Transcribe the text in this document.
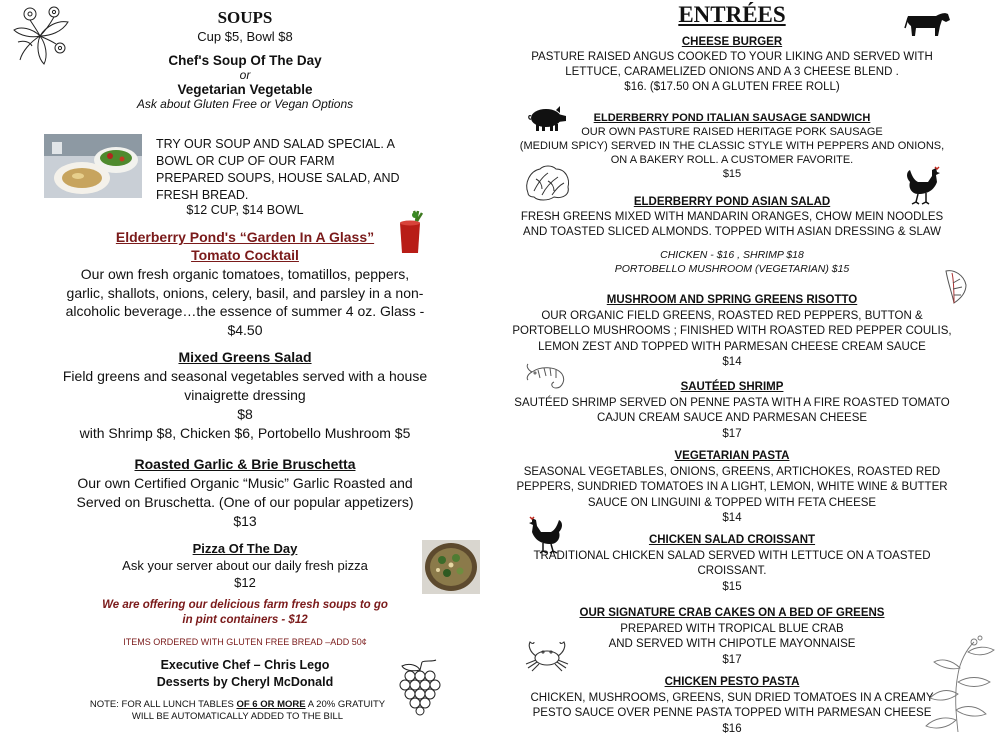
SOUPS
Cup $5, Bowl $8
Chef's Soup Of The Day
or
Vegetarian Vegetable
Ask about Gluten Free or Vegan Options
TRY OUR SOUP AND SALAD SPECIAL. A
BOWL OR CUP OF OUR FARM
PREPARED SOUPS, HOUSE SALAD, AND
FRESH BREAD.
$12 CUP, $14 BOWL
Elderberry Pond's “Garden In A Glass”
Tomato Cocktail
Our own fresh organic tomatoes, tomatillos, peppers,
garlic, shallots, onions, celery, basil, and parsley in a non-
alcoholic beverage…the essence of summer 4 oz. Glass -
$4.50
Mixed Greens Salad
Field greens and seasonal vegetables served with a house
vinaigrette dressing
$8
with Shrimp $8, Chicken $6, Portobello Mushroom $5
Roasted Garlic & Brie Bruschetta
Our own Certified Organic “Music” Garlic Roasted and
Served on Bruschetta. (One of our popular appetizers)
$13
Pizza Of The Day
Ask your server about our daily fresh pizza
$12
We are offering our delicious farm fresh soups to go
in pint containers - $12
ITEMS ORDERED WITH GLUTEN FREE BREAD –ADD 50¢
Executive Chef – Chris Lego
Desserts by Cheryl McDonald
NOTE: FOR ALL LUNCH TABLES OF 6 OR MORE A 20% GRATUITY
WILL BE AUTOMATICALLY ADDED TO THE BILL
ENTRÉES
CHEESE BURGER
PASTURE RAISED ANGUS COOKED TO YOUR LIKING AND SERVED WITH
LETTUCE, CARAMELIZED ONIONS AND A 3 CHEESE BLEND .
$16. ($17.50 ON A GLUTEN FREE ROLL)
ELDERBERRY POND ITALIAN SAUSAGE SANDWICH
OUR OWN PASTURE RAISED HERITAGE PORK SAUSAGE
(MEDIUM SPICY) SERVED IN THE CLASSIC STYLE WITH PEPPERS AND ONIONS,
ON A BAKERY ROLL. A CUSTOMER FAVORITE.
$15
ELDERBERRY POND ASIAN SALAD
FRESH GREENS MIXED WITH MANDARIN ORANGES, CHOW MEIN NOODLES
AND TOASTED SLICED ALMONDS. TOPPED WITH ASIAN DRESSING & SLAW
CHICKEN - $16 , SHRIMP $18
PORTOBELLO MUSHROOM (VEGETARIAN) $15
MUSHROOM AND SPRING GREENS RISOTTO
OUR ORGANIC FIELD GREENS, ROASTED RED PEPPERS, BUTTON &
PORTOBELLO MUSHROOMS ; FINISHED WITH ROASTED RED PEPPER COULIS,
LEMON ZEST AND TOPPED WITH PARMESAN CHEESE CREAM SAUCE
$14
SAUTÉED SHRIMP
SAUTÉED SHRIMP SERVED ON PENNE PASTA WITH A FIRE ROASTED TOMATO
CAJUN CREAM SAUCE AND PARMESAN CHEESE
$17
VEGETARIAN PASTA
SEASONAL VEGETABLES, ONIONS, GREENS, ARTICHOKES, ROASTED RED
PEPPERS, SUNDRIED TOMATOES IN A LIGHT, LEMON, WHITE WINE & BUTTER
SAUCE ON LINGUINI & TOPPED WITH FETA CHEESE
$14
CHICKEN SALAD CROISSANT
TRADITIONAL CHICKEN SALAD SERVED WITH LETTUCE ON A TOASTED
CROISSANT.
$15
OUR SIGNATURE CRAB CAKES ON A BED OF GREENS
PREPARED WITH TROPICAL BLUE CRAB
AND SERVED WITH CHIPOTLE MAYONNAISE
$17
CHICKEN PESTO PASTA
CHICKEN, MUSHROOMS, GREENS, SUN DRIED TOMATOES IN A CREAMY
PESTO SAUCE OVER PENNE PASTA TOPPED WITH PARMESAN CHEESE
$16
